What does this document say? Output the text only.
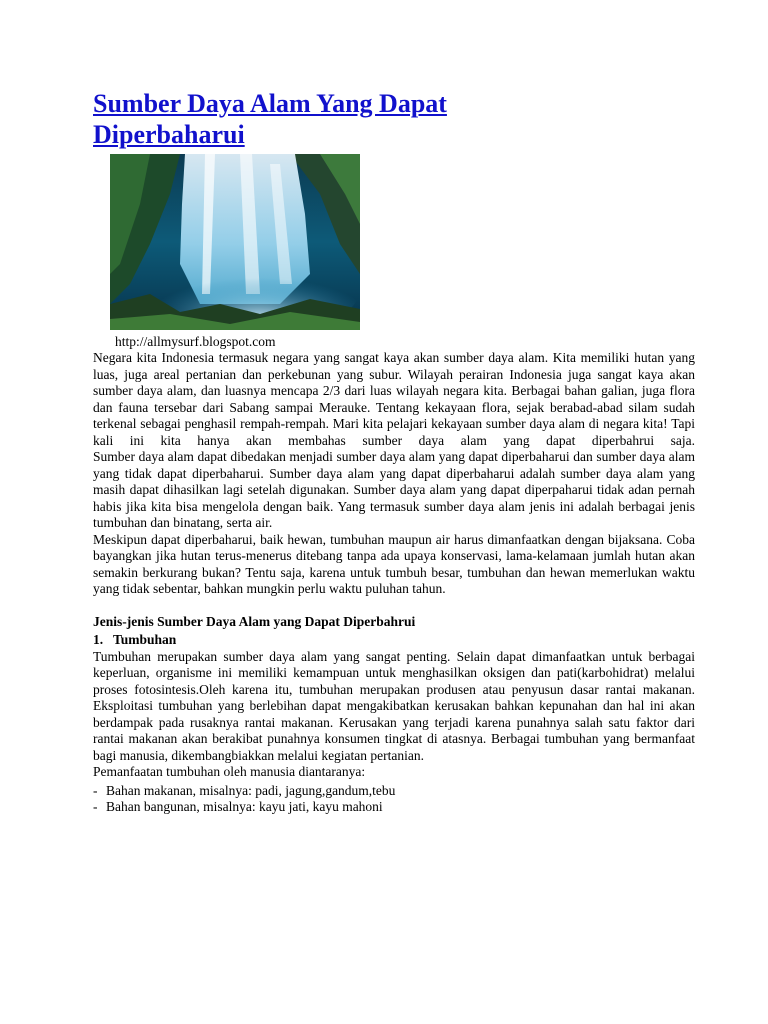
Sumber Daya Alam Yang Dapat Diperbaharui
http://allmysurf.blogspot.com

Negara kita Indonesia termasuk negara yang sangat kaya akan sumber daya alam. Kita memiliki hutan yang luas, juga areal pertanian dan perkebunan yang subur. Wilayah perairan Indonesia juga sangat kaya akan sumber daya alam, dan luasnya mencapa 2/3 dari luas wilayah negara kita. Berbagai bahan galian, juga flora dan fauna tersebar dari Sabang sampai Merauke. Tentang kekayaan flora, sejak berabad-abad silam sudah terkenal sebagai penghasil rempah-rempah. Mari kita pelajari kekayaan sumber daya alam di negara kita! Tapi kali ini kita hanya akan membahas sumber daya alam yang dapat diperbahrui saja.

Sumber daya alam dapat dibedakan menjadi sumber daya alam yang dapat diperbaharui dan sumber daya alam yang tidak dapat diperbaharui. Sumber daya alam yang dapat diperbaharui adalah sumber daya alam yang masih dapat dihasilkan lagi setelah digunakan. Sumber daya alam yang dapat diperpaharui tidak adan pernah habis jika kita bisa mengelola dengan baik. Yang termasuk sumber daya alam jenis ini adalah berbagai jenis tumbuhan dan binatang, serta air.

Meskipun dapat diperbaharui, baik hewan, tumbuhan maupun air harus dimanfaatkan dengan bijaksana. Coba bayangkan jika hutan terus-menerus ditebang tanpa ada upaya konservasi, lama-kelamaan jumlah hutan akan semakin berkurang bukan? Tentu saja, karena untuk tumbuh besar, tumbuhan dan hewan memerlukan waktu yang tidak sebentar, bahkan mungkin perlu waktu puluhan tahun.

Jenis-jenis Sumber Daya Alam yang Dapat Diperbahrui
1. Tumbuhan

Tumbuhan merupakan sumber daya alam yang sangat penting. Selain dapat dimanfaatkan untuk berbagai keperluan, organisme ini memiliki kemampuan untuk menghasilkan oksigen dan pati(karbohidrat) melalui proses fotosintesis.Oleh karena itu, tumbuhan merupakan produsen atau penyusun dasar rantai makanan. Eksploitasi tumbuhan yang berlebihan dapat mengakibatkan kerusakan bahkan kepunahan dan hal ini akan berdampak pada rusaknya rantai makanan. Kerusakan yang terjadi karena punahnya salah satu faktor dari rantai makanan akan berakibat punahnya konsumen tingkat di atasnya. Berbagai tumbuhan yang bermanfaat bagi manusia, dikembangbiakkan melalui kegiatan pertanian.

Pemanfaatan tumbuhan oleh manusia diantaranya:

- Bahan makanan, misalnya: padi, jagung,gandum,tebu
- Bahan bangunan, misalnya: kayu jati, kayu mahoni
